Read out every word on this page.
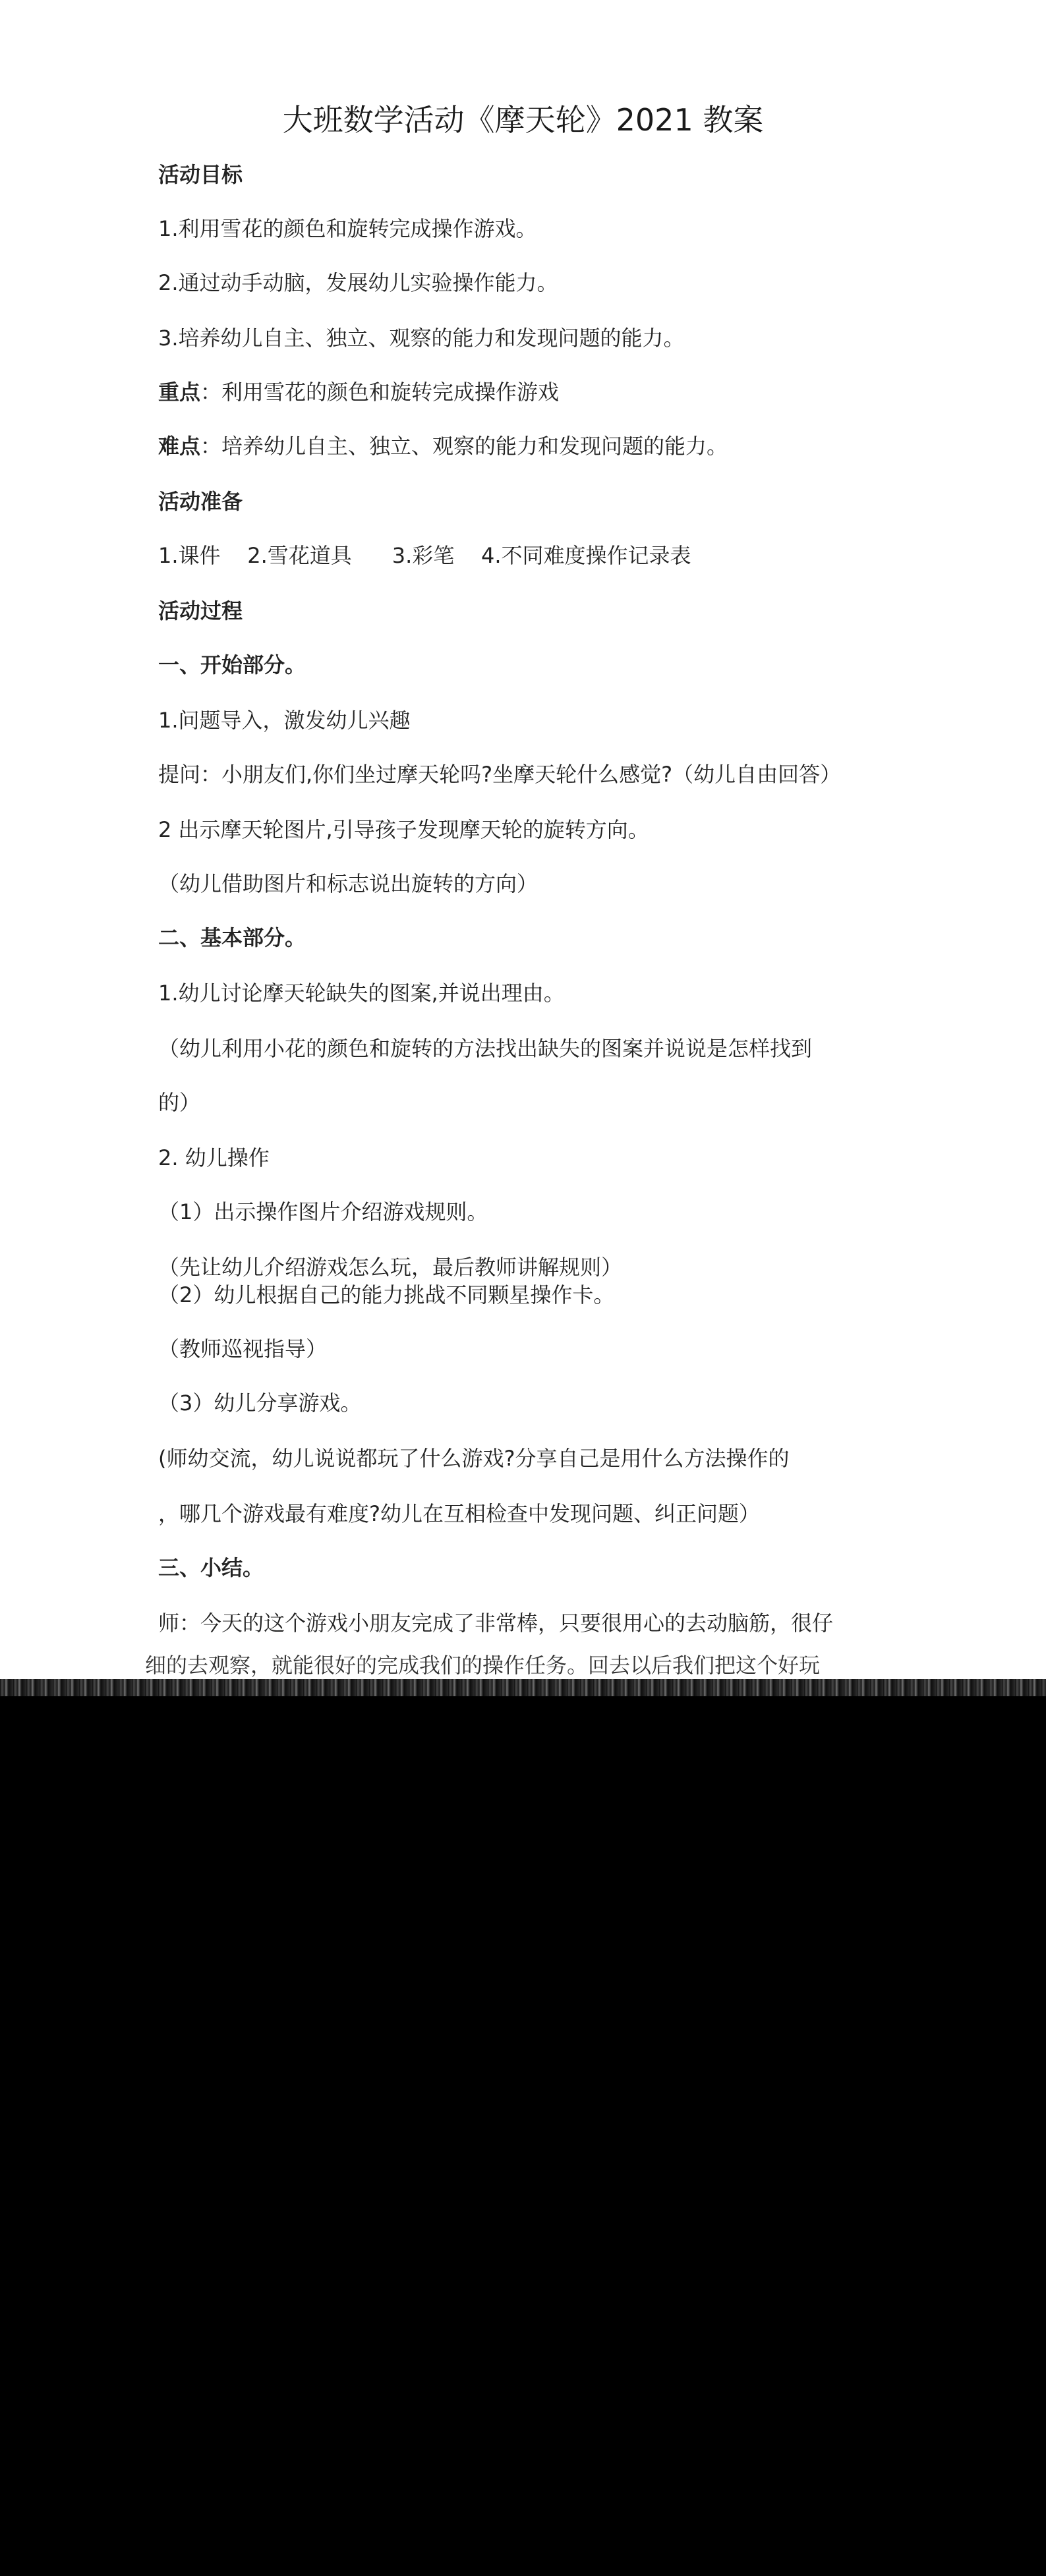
大班数学活动《摩天轮》2021 教案
活动目标
1.利用雪花的颜色和旋转完成操作游戏。
2.通过动手动脑，发展幼儿实验操作能力。
3.培养幼儿自主、独立、观察的能力和发现问题的能力。
重点：利用雪花的颜色和旋转完成操作游戏
难点：培养幼儿自主、独立、观察的能力和发现问题的能力。
活动准备
1.课件    2.雪花道具      3.彩笔    4.不同难度操作记录表
活动过程
一、开始部分。
1.问题导入，激发幼儿兴趣
提问：小朋友们,你们坐过摩天轮吗?坐摩天轮什么感觉?（幼儿自由回答）
2 出示摩天轮图片,引导孩子发现摩天轮的旋转方向。
（幼儿借助图片和标志说出旋转的方向）
二、基本部分。
1.幼儿讨论摩天轮缺失的图案,并说出理由。
（幼儿利用小花的颜色和旋转的方法找出缺失的图案并说说是怎样找到
的）
2. 幼儿操作
（1）出示操作图片介绍游戏规则。
（先让幼儿介绍游戏怎么玩，最后教师讲解规则）
（2）幼儿根据自己的能力挑战不同颗星操作卡。
（教师巡视指导）
（3）幼儿分享游戏。
(师幼交流，幼儿说说都玩了什么游戏?分享自己是用什么方法操作的
，哪几个游戏最有难度?幼儿在互相检查中发现问题、纠正问题）
三、小结。
师：今天的这个游戏小朋友完成了非常棒，只要很用心的去动脑筋，很仔
细的去观察，就能很好的完成我们的操作任务。回去以后我们把这个好玩
